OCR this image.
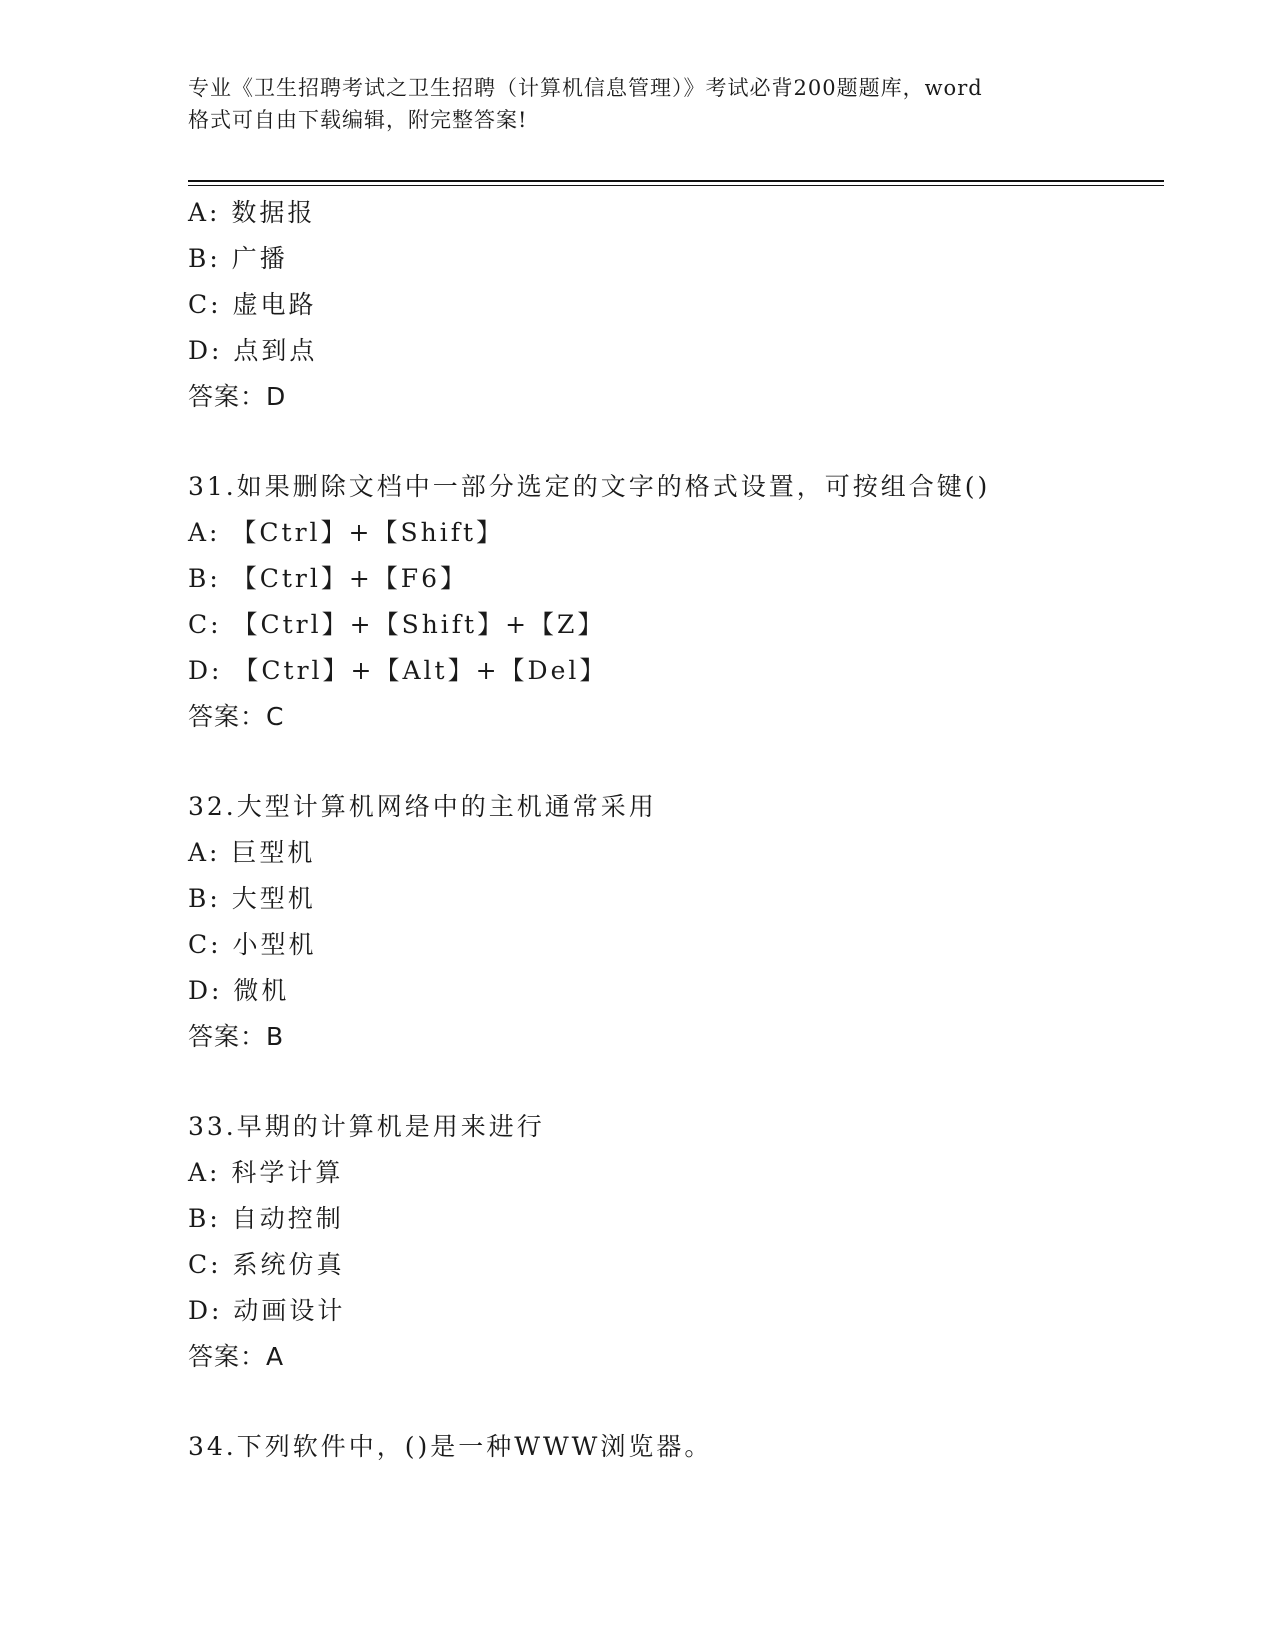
专业《卫生招聘考试之卫生招聘（计算机信息管理）》考试必背200题题库，word
格式可自由下载编辑，附完整答案!
A: 数据报
B: 广播
C: 虚电路
D: 点到点
答案：D
31.如果删除文档中一部分选定的文字的格式设置，可按组合键()
A: 【Ctrl】+【Shift】
B: 【Ctrl】+【F6】
C: 【Ctrl】+【Shift】+【Z】
D: 【Ctrl】+【Alt】+【Del】
答案：C
32.大型计算机网络中的主机通常采用
A: 巨型机
B: 大型机
C: 小型机
D: 微机
答案：B
33.早期的计算机是用来进行
A: 科学计算
B: 自动控制
C: 系统仿真
D: 动画设计
答案：A
34.下列软件中，()是一种WWW浏览器。
